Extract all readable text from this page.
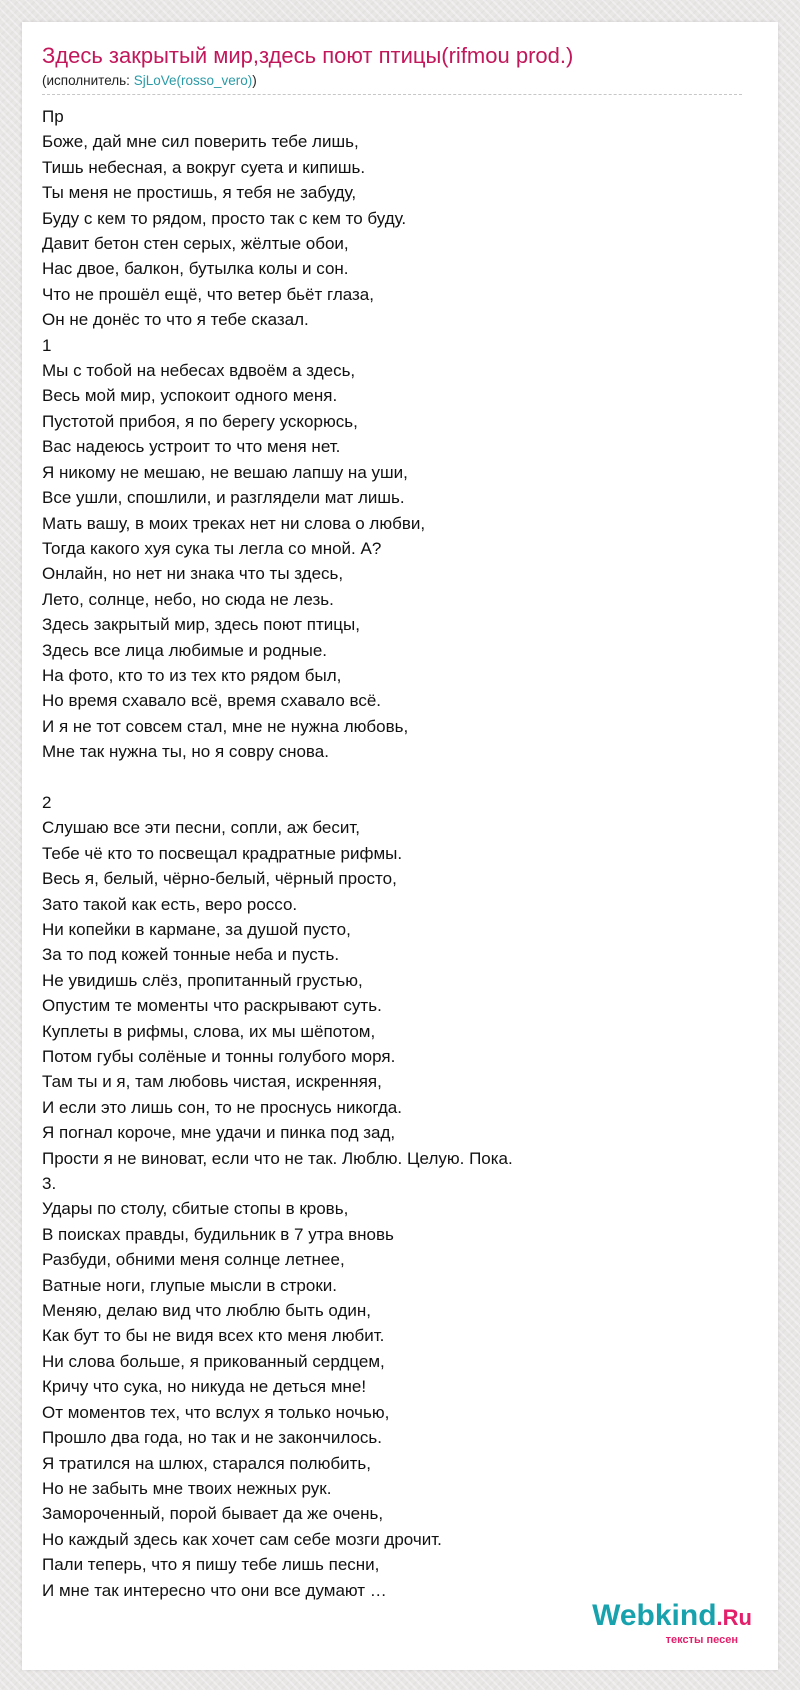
Здесь закрытый мир,здесь поют птицы(rifmou prod.)
(исполнитель: SjLoVe(rosso_vero))
Пр
Боже, дай мне сил поверить тебе лишь,
Тишь небесная, а вокруг суета и кипишь.
Ты меня не простишь, я тебя не забуду,
Буду с кем то рядом, просто так с кем то буду.
Давит бетон стен серых, жёлтые обои,
Нас двое, балкон, бутылка колы и сон.
Что не прошёл ещё, что ветер бьёт глаза,
Он не донёс то что я тебе сказал.
1
Мы с тобой на небесах вдвоём а здесь,
Весь мой мир, успокоит одного меня.
Пустотой прибоя, я по берегу ускорюсь,
Вас надеюсь устроит то что меня нет.
Я никому не мешаю, не вешаю лапшу на уши,
Все ушли, спошлили, и разглядели мат лишь.
Мать вашу, в моих треках нет ни слова о любви,
Тогда какого хуя сука ты легла со мной. А?
Онлайн, но нет ни знака что ты здесь,
Лето, солнце, небо, но сюда не лезь.
Здесь закрытый мир, здесь поют птицы,
Здесь все лица любимые и родные.
На фото, кто то из тех кто рядом был,
Но время схавало всё, время схавало всё.
И я не тот совсем стал, мне не нужна любовь,
Мне так нужна ты, но я совру снова.
2
Слушаю все эти песни, сопли, аж бесит,
Тебе чё кто то посвещал крадратные рифмы.
Весь я, белый, чёрно-белый, чёрный просто,
Зато такой как есть, веро россо.
Ни копейки в кармане, за душой пусто,
За то под кожей тонные неба и пусть.
Не увидишь слёз, пропитанный грустью,
Опустим те моменты что раскрывают суть.
Куплеты в рифмы, слова, их мы шёпотом,
Потом губы солёные и тонны голубого моря.
Там ты и я, там любовь чистая, искренняя,
И если это лишь сон, то не проснусь никогда.
Я погнал короче, мне удачи и пинка под зад,
Прости я не виноват, если что не так. Люблю. Целую. Пока.
3.
Удары по столу, сбитые стопы в кровь,
В поисках правды, будильник в 7 утра вновь
Разбуди, обними меня солнце летнее,
Ватные ноги, глупые мысли в строки.
Меняю, делаю вид что люблю быть один,
Как бут то бы не видя всех кто меня любит.
Ни слова больше, я прикованный сердцем,
Кричу что сука, но никуда не деться мне!
От моментов тех, что вслух я только ночью,
Прошло два года, но так и не закончилось.
Я тратился на шлюх, старался полюбить,
Но не забыть мне твоих нежных рук.
Замороченный, порой бывает да же очень,
Но каждый здесь как хочет сам себе мозги дрочит.
Пали теперь, что я пишу тебе лишь песни,
И мне так интересно что они все думают …
Webkind.Ru
тексты песен
